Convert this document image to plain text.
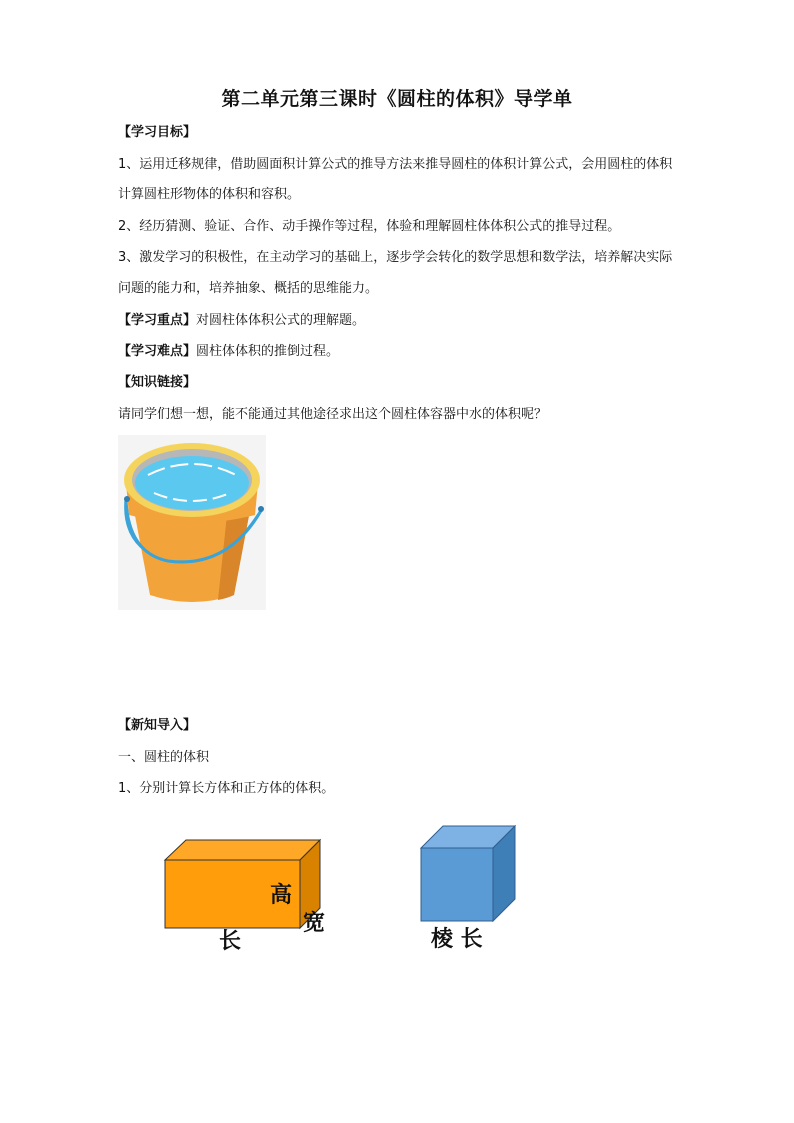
第二单元第三课时《圆柱的体积》导学单
【学习目标】
1、运用迁移规律，借助圆面积计算公式的推导方法来推导圆柱的体积计算公式，会用圆柱的体积
计算圆柱形物体的体积和容积。
2、经历猜测、验证、合作、动手操作等过程，体验和理解圆柱体体积公式的推导过程。
3、激发学习的积极性，在主动学习的基础上，逐步学会转化的数学思想和数学法，培养解决实际
问题的能力和，培养抽象、概括的思维能力。
【学习重点】对圆柱体体积公式的理解题。
【学习难点】圆柱体体积的推倒过程。
【知识链接】
请同学们想一想，能不能通过其他途径求出这个圆柱体容器中水的体积呢？
【新知导入】
一、圆柱的体积
1、分别计算长方体和正方体的体积。
高
宽
长	棱 长
